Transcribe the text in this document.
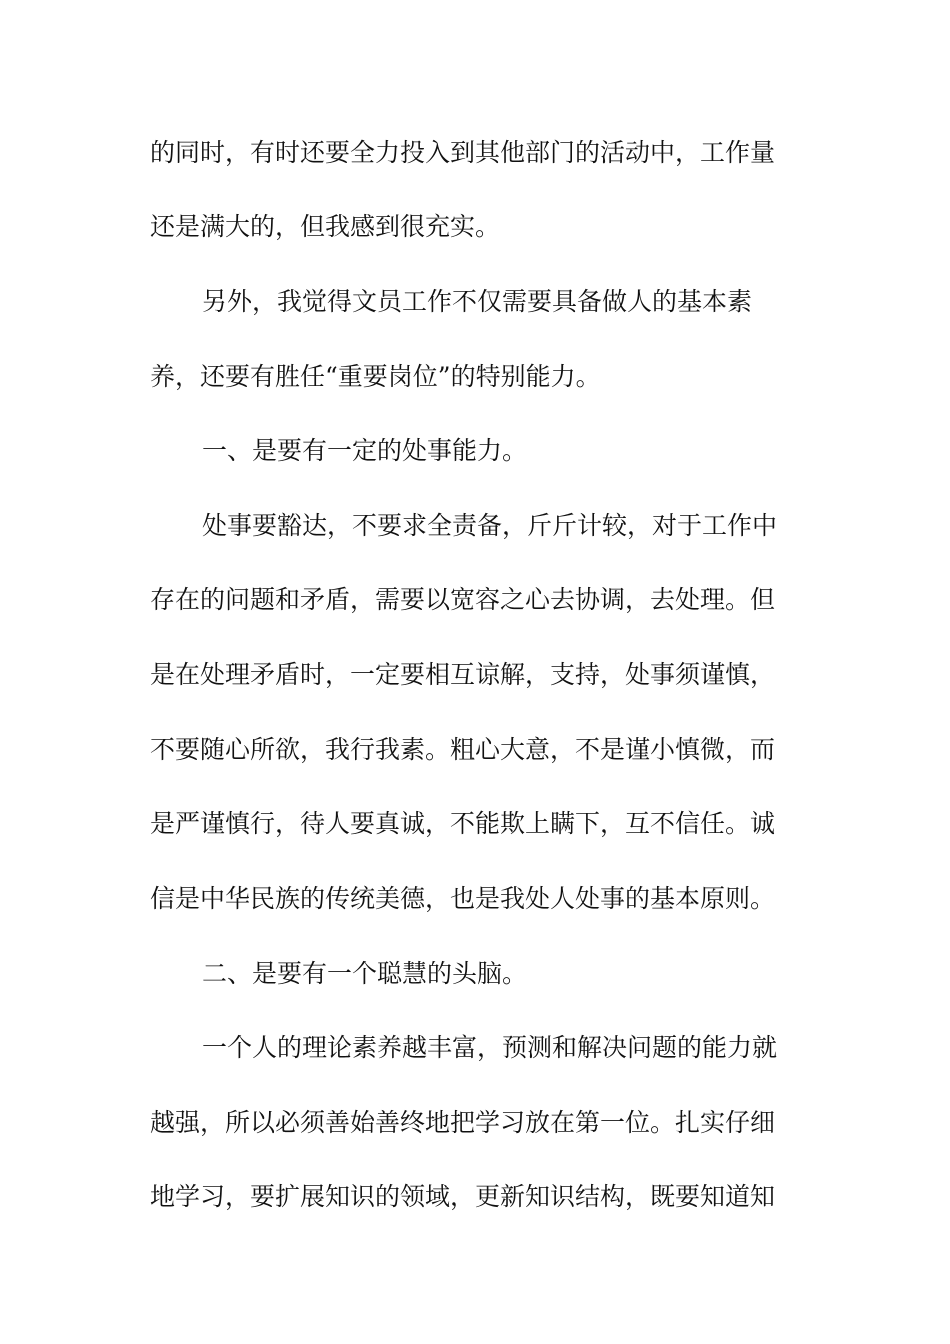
的同时，有时还要全力投入到其他部门的活动中，工作量
还是满大的，但我感到很充实。
另外，我觉得文员工作不仅需要具备做人的基本素
养，还要有胜任“重要岗位”的特别能力。
一、是要有一定的处事能力。
处事要豁达，不要求全责备，斤斤计较，对于工作中
存在的问题和矛盾，需要以宽容之心去协调，去处理。但
是在处理矛盾时，一定要相互谅解，支持，处事须谨慎，
不要随心所欲，我行我素。粗心大意，不是谨小慎微，而
是严谨慎行，待人要真诚，不能欺上瞒下，互不信任。诚
信是中华民族的传统美德，也是我处人处事的基本原则。
二、是要有一个聪慧的头脑。
一个人的理论素养越丰富，预测和解决问题的能力就
越强，所以必须善始善终地把学习放在第一位。扎实仔细
地学习，要扩展知识的领域，更新知识结构，既要知道知
